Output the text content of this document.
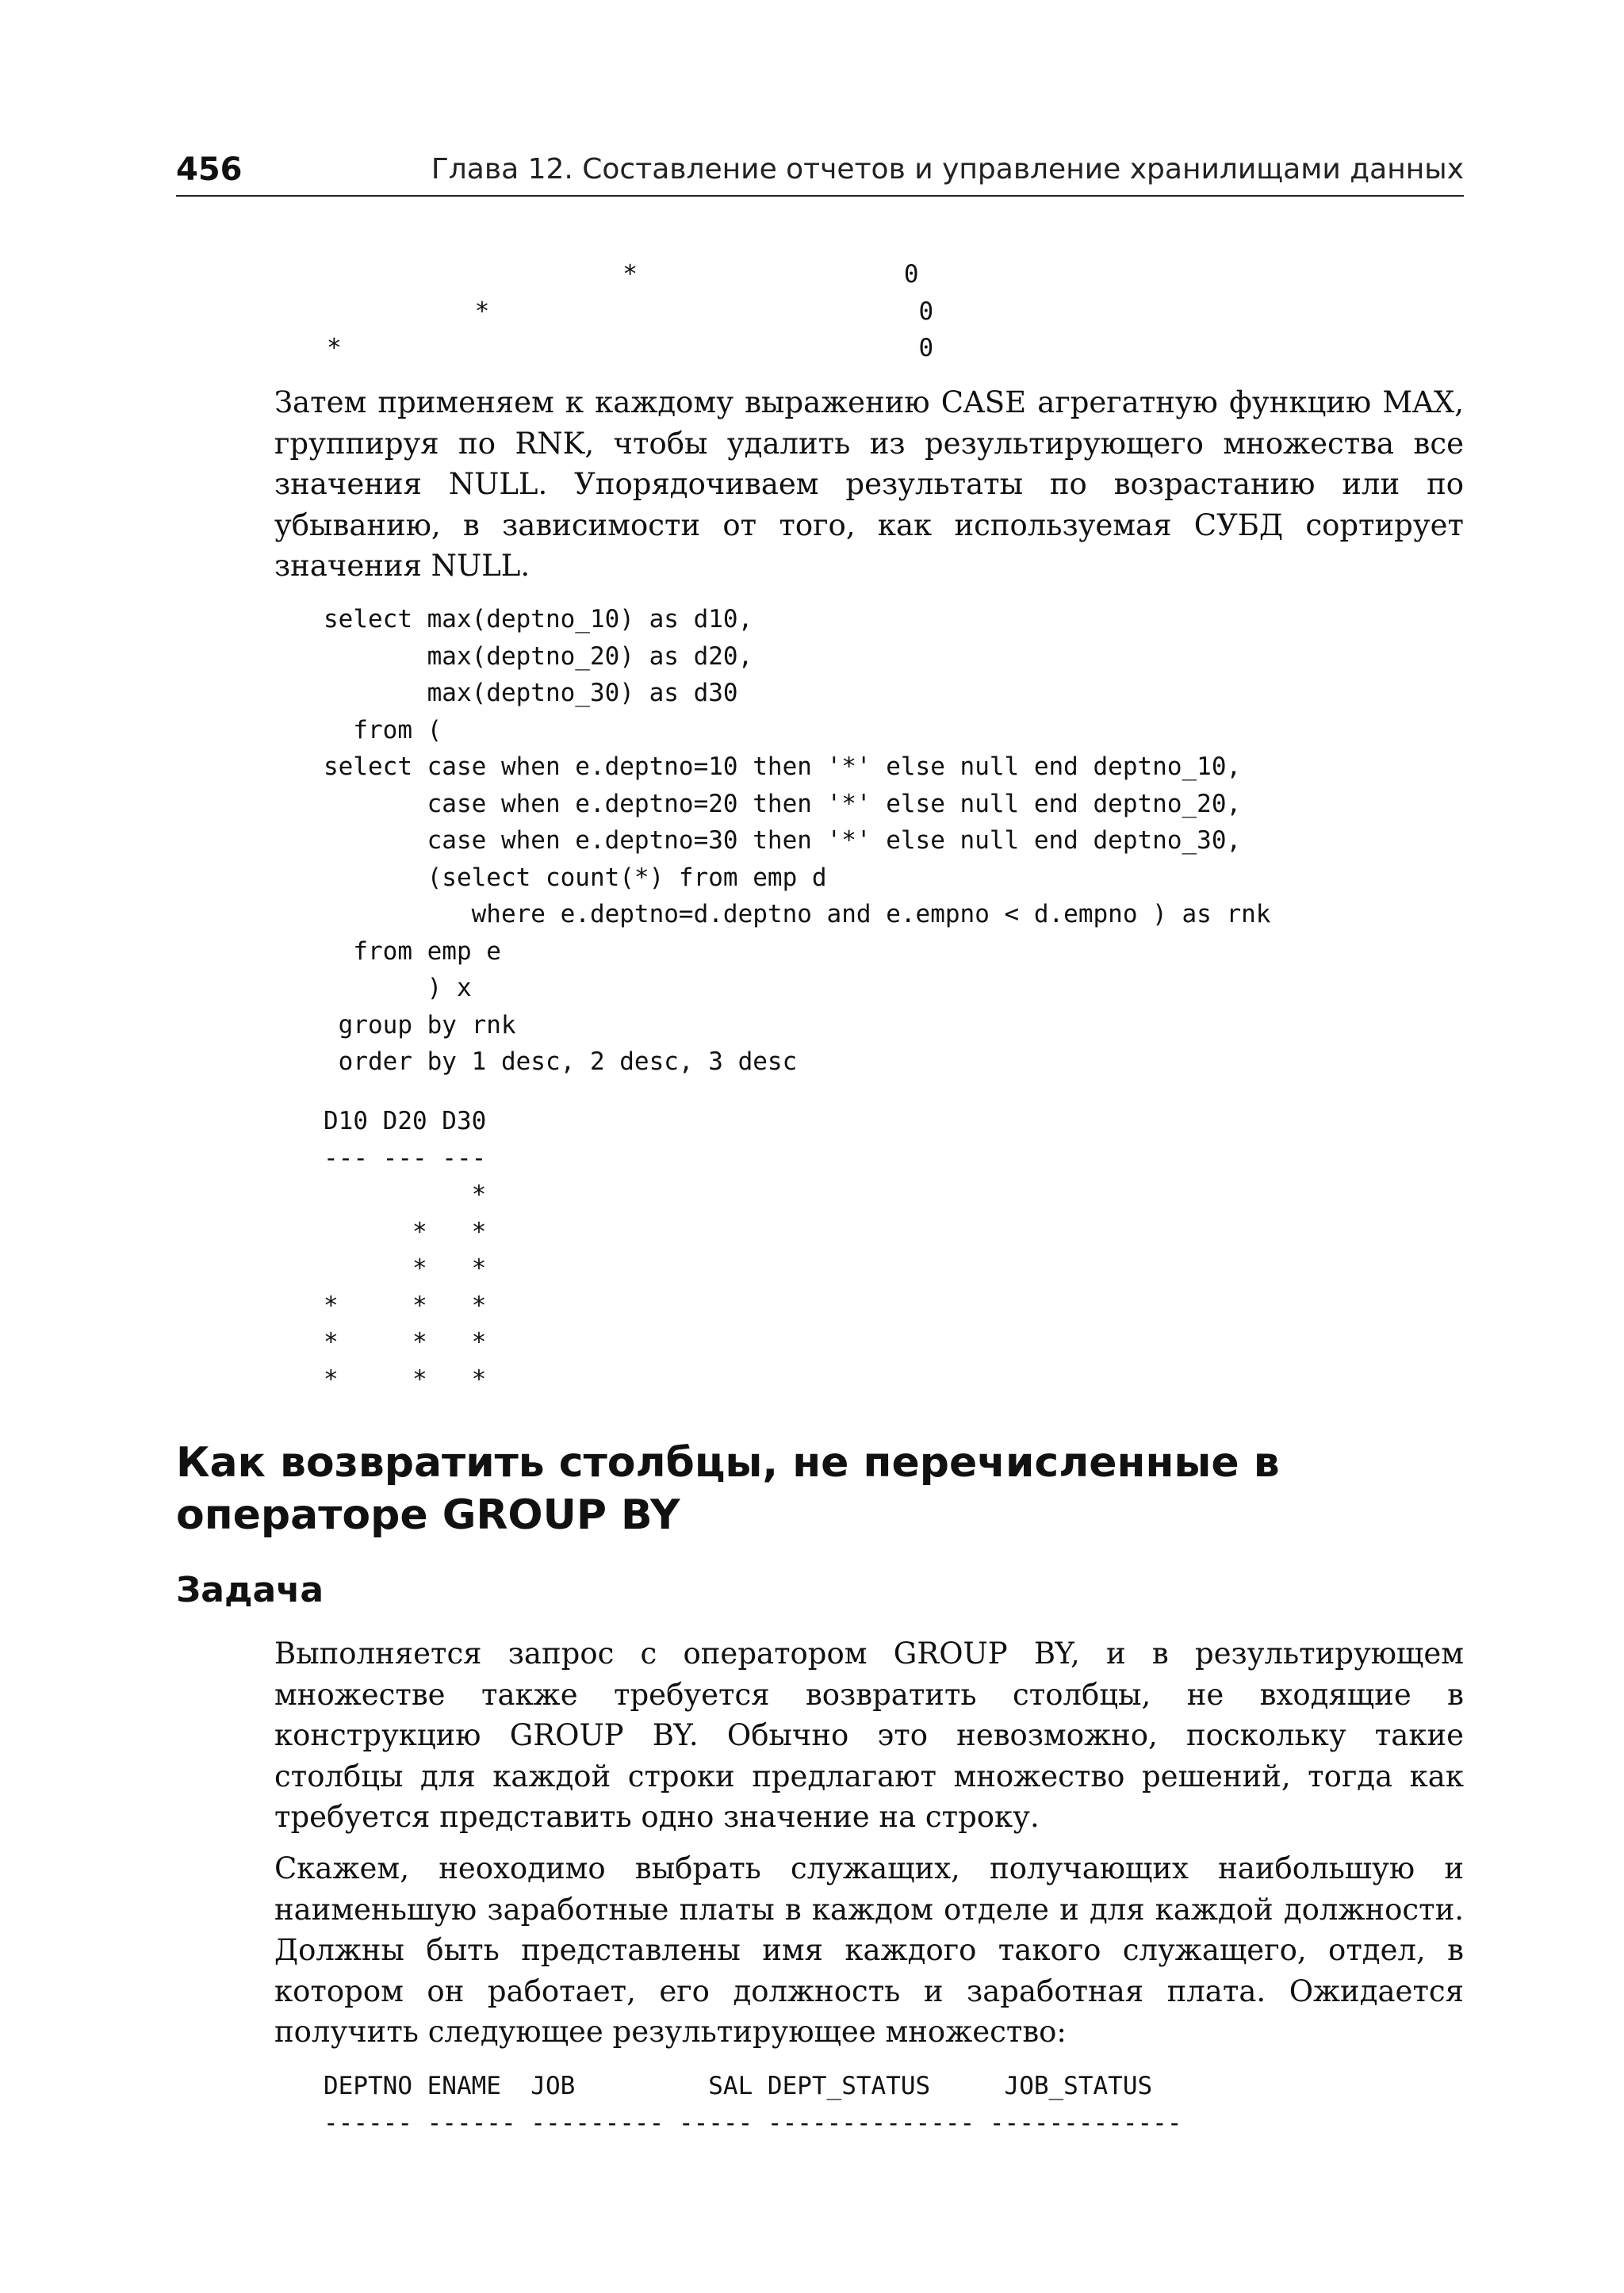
456	Глава 12. Составление отчетов и управление хранилищами данных
*                  0
*                             0
*                                       0

Затем применяем к каждому выражению CASE агрегатную функцию MAX, группируя по RNK, чтобы удалить из результирующего множества все значения NULL. Упорядочиваем результаты по возрастанию или по убыванию, в зависимости от того, как используемая СУБД сортирует значения NULL.

select max(deptno_10) as d10,
max(deptno_20) as d20,
max(deptno_30) as d30
from (
select case when e.deptno=10 then '*' else null end deptno_10,
case when e.deptno=20 then '*' else null end deptno_20,
case when e.deptno=30 then '*' else null end deptno_30,
(select count(*) from emp d
where e.deptno=d.deptno and e.empno < d.empno ) as rnk
from emp e
) x
group by rnk
order by 1 desc, 2 desc, 3 desc
D10 D20 D30
--- --- ---
*
*   *
*   *
*     *   *
*     *   *
*     *   *
Как возвратить столбцы, не перечисленные в операторе GROUP BY
Задача

Выполняется запрос с оператором GROUP BY, и в результирующем множестве также требуется возвратить столбцы, не входящие в конструкцию GROUP BY. Обычно это невозможно, поскольку такие столбцы для каждой строки предлагают множество решений, тогда как требуется представить одно значение на строку.

Скажем, неоходимо выбрать служащих, получающих наибольшую и наименьшую заработные платы в каждом отделе и для каждой должности. Должны быть представлены имя каждого такого служащего, отдел, в котором он работает, его должность и заработная плата. Ожидается получить следующее результирующее множество:

DEPTNO ENAME  JOB         SAL DEPT_STATUS     JOB_STATUS
------ ------ --------- ----- -------------- -------------
